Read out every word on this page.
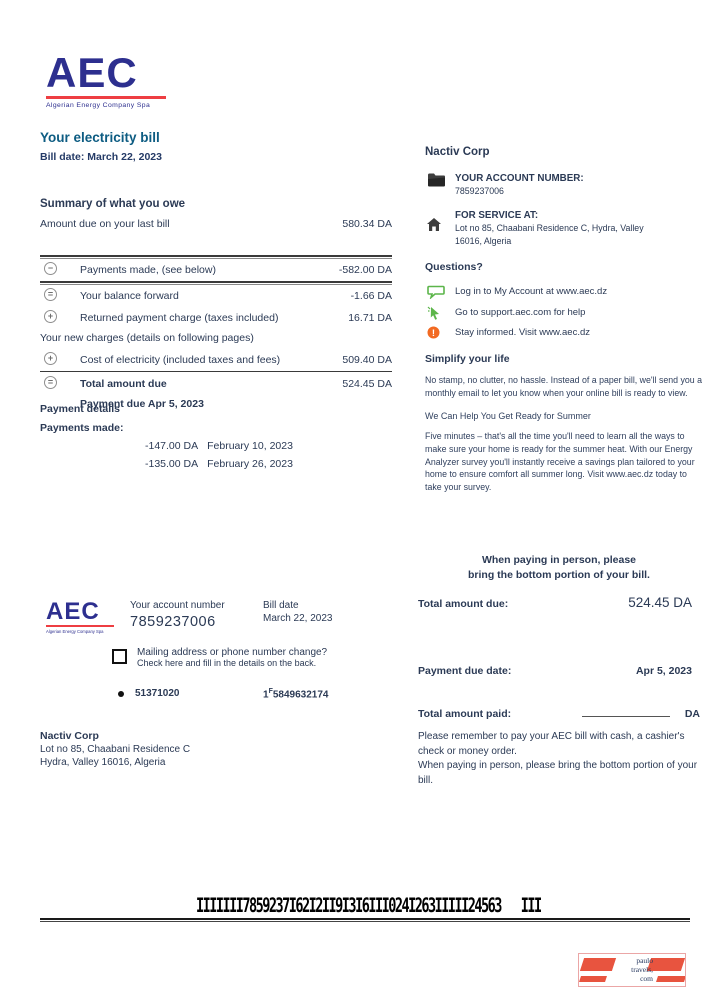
AEC
Algerian Energy Company Spa
Your electricity bill
Bill date: March 22, 2023
Summary of what you owe
Amount due on your last bill	580.34 DA
−	Payments made, (see below)	-582.00 DA
=	Your balance forward	-1.66 DA
+	Returned payment charge (taxes included)	16.71 DA
Your new charges (details on following pages)
+	Cost of electricity (included taxes and fees)	509.40 DA
=	Total amount due	524.45 DA
Payment due Apr 5, 2023
Payment details
Payments made:
-147.00 DA February 10, 2023
-135.00 DA February 26, 2023
Nactiv Corp
YOUR ACCOUNT NUMBER:
7859237006
FOR SERVICE AT:
Lot no 85, Chaabani Residence C, Hydra, Valley
16016, Algeria
Questions?
Log in to My Account at www.aec.dz
Go to support.aec.com for help
! Stay informed. Visit www.aec.dz
Simplify your life
No stamp, no clutter, no hassle. Instead of a paper bill, we'll send you a monthly email to let you know when your online bill is ready to view.
We Can Help You Get Ready for Summer
Five minutes – that's all the time you'll need to learn all the ways to make sure your home is ready for the summer heat. With our Energy Analyzer survey you'll instantly receive a savings plan tailored to your home to ensure comfort all summer long. Visit www.aec.dz today to take your survey.
When paying in person, please
bring the bottom portion of your bill.
Total amount due:	524.45 DA
Payment due date:	Apr 5, 2023
Total amount paid:	DA
AEC
Algerian Energy Company Spa
Your account number
7859237006
Bill date
March 22, 2023
Mailing address or phone number change?
Check here and fill in the details on the back.
51371020	$1^F5849632174$
Nactiv Corp
Lot no 85, Chaabani Residence C
Hydra, Valley 16016, Algeria
Please remember to pay your AEC bill with cash, a cashier's check or money order.
When paying in person, please bring the bottom portion of your bill.
IIIIIII7859237I62I2II9I3I6III024I263IIIII24563   III
paulo
travels,
com
